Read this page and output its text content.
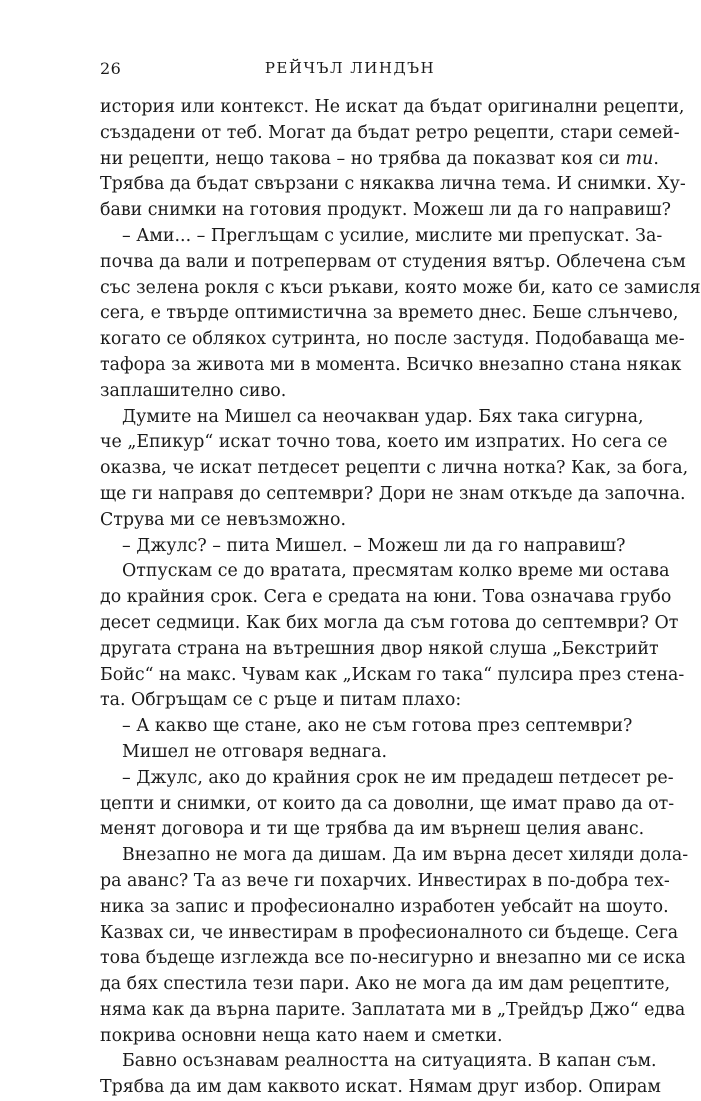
26	РЕЙЧЪЛ ЛИНДЪН
история или контекст. Не искат да бъдат оригинални рецепти,
създадени от теб. Могат да бъдат ретро рецепти, стари семей-
ни рецепти, нещо такова – но трябва да показват коя си ти.
Трябва да бъдат свързани с някаква лична тема. И снимки. Ху-
бави снимки на готовия продукт. Можеш ли да го направиш?
– Ами... – Преглъщам с усилие, мислите ми препускат. За-
почва да вали и потрепервам от студения вятър. Облечена съм
със зелена рокля с къси ръкави, която може би, като се замисля
сега, е твърде оптимистична за времето днес. Беше слънчево,
когато се облякох сутринта, но после застудя. Подобаваща ме-
тафора за живота ми в момента. Всичко внезапно стана някак
заплашително сиво.
Думите на Мишел са неочакван удар. Бях така сигурна,
че „Епикур“ искат точно това, което им изпратих. Но сега се
оказва, че искат петдесет рецепти с лична нотка? Как, за бога,
ще ги направя до септември? Дори не знам откъде да започна.
Струва ми се невъзможно.
– Джулс? – пита Мишел. – Можеш ли да го направиш?
Отпускам се до вратата, пресмятам колко време ми остава
до крайния срок. Сега е средата на юни. Това означава грубо
десет седмици. Как бих могла да съм готова до септември? От
другата страна на вътрешния двор някой слуша „Бекстрийт
Бойс“ на макс. Чувам как „Искам го така“ пулсира през стена-
та. Обгръщам се с ръце и питам плахо:
– А какво ще стане, ако не съм готова през септември?
Мишел не отговаря веднага.
– Джулс, ако до крайния срок не им предадеш петдесет ре-
цепти и снимки, от които да са доволни, ще имат право да от-
менят договора и ти ще трябва да им върнеш целия аванс.
Внезапно не мога да дишам. Да им върна десет хиляди дола-
ра аванс? Та аз вече ги похарчих. Инвестирах в по-добра тех-
ника за запис и професионално изработен уебсайт на шоуто.
Казвах си, че инвестирам в професионалното си бъдеще. Сега
това бъдеще изглежда все по-несигурно и внезапно ми се иска
да бях спестила тези пари. Ако не мога да им дам рецептите,
няма как да върна парите. Заплатата ми в „Трейдър Джо“ едва
покрива основни неща като наем и сметки.
Бавно осъзнавам реалността на ситуацията. В капан съм.
Трябва да им дам каквото искат. Нямам друг избор. Опирам
